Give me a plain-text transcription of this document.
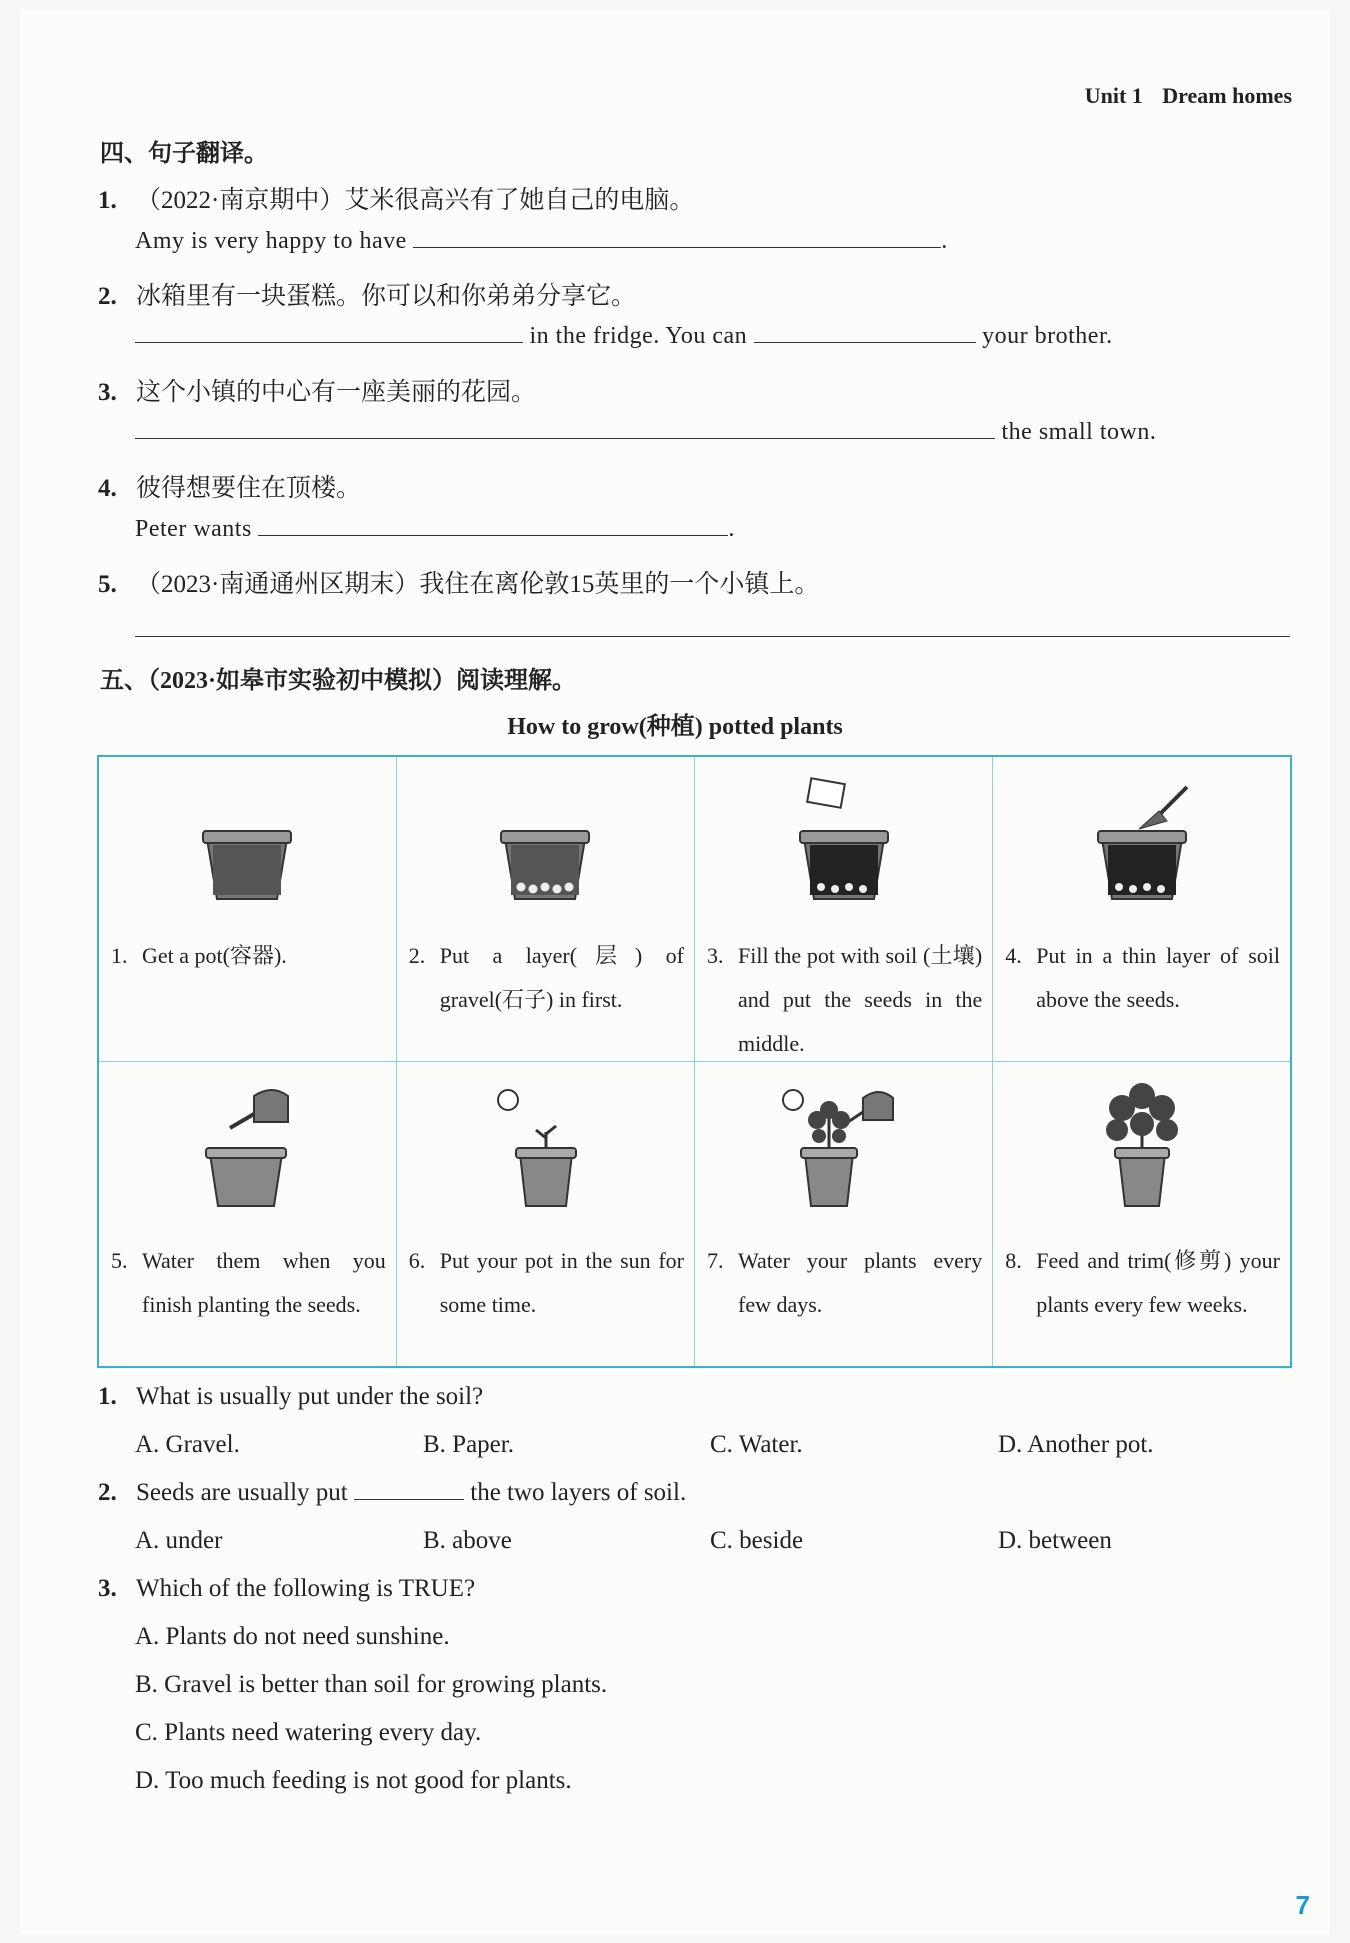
Unit 1 Dream homes
四、句子翻译。
1. （2022·南京期中）艾米很高兴有了她自己的电脑。
Amy is very happy to have	.
2. 冰箱里有一块蛋糕。你可以和你弟弟分享它。
in the fridge. You can	your brother.
3. 这个小镇的中心有一座美丽的花园。
the small town.
4. 彼得想要住在顶楼。
Peter wants	.
5. （2023·南通通州区期末）我住在离伦敦15英里的一个小镇上。
五、（2023·如皋市实验初中模拟）阅读理解。
How to grow(种植) potted plants
1. Get a pot(容器).	2. Put a layer(层) of gravel(石子) in first.	3. Fill the pot with soil (土壤) and put the seeds in the middle.	4. Put in a thin layer of soil above the seeds.

5. Water them when you finish planting the seeds.	6. Put your pot in the sun for some time.	7. Water your plants every few days.	8. Feed and trim(修剪) your plants every few weeks.
1. What is usually put under the soil?
A. Gravel.	B. Paper.	C. Water.	D. Another pot.
2. Seeds are usually put	the two layers of soil.
A. under	B. above	C. beside	D. between
3. Which of the following is TRUE?
A. Plants do not need sunshine.
B. Gravel is better than soil for growing plants.
C. Plants need watering every day.
D. Too much feeding is not good for plants.
7
